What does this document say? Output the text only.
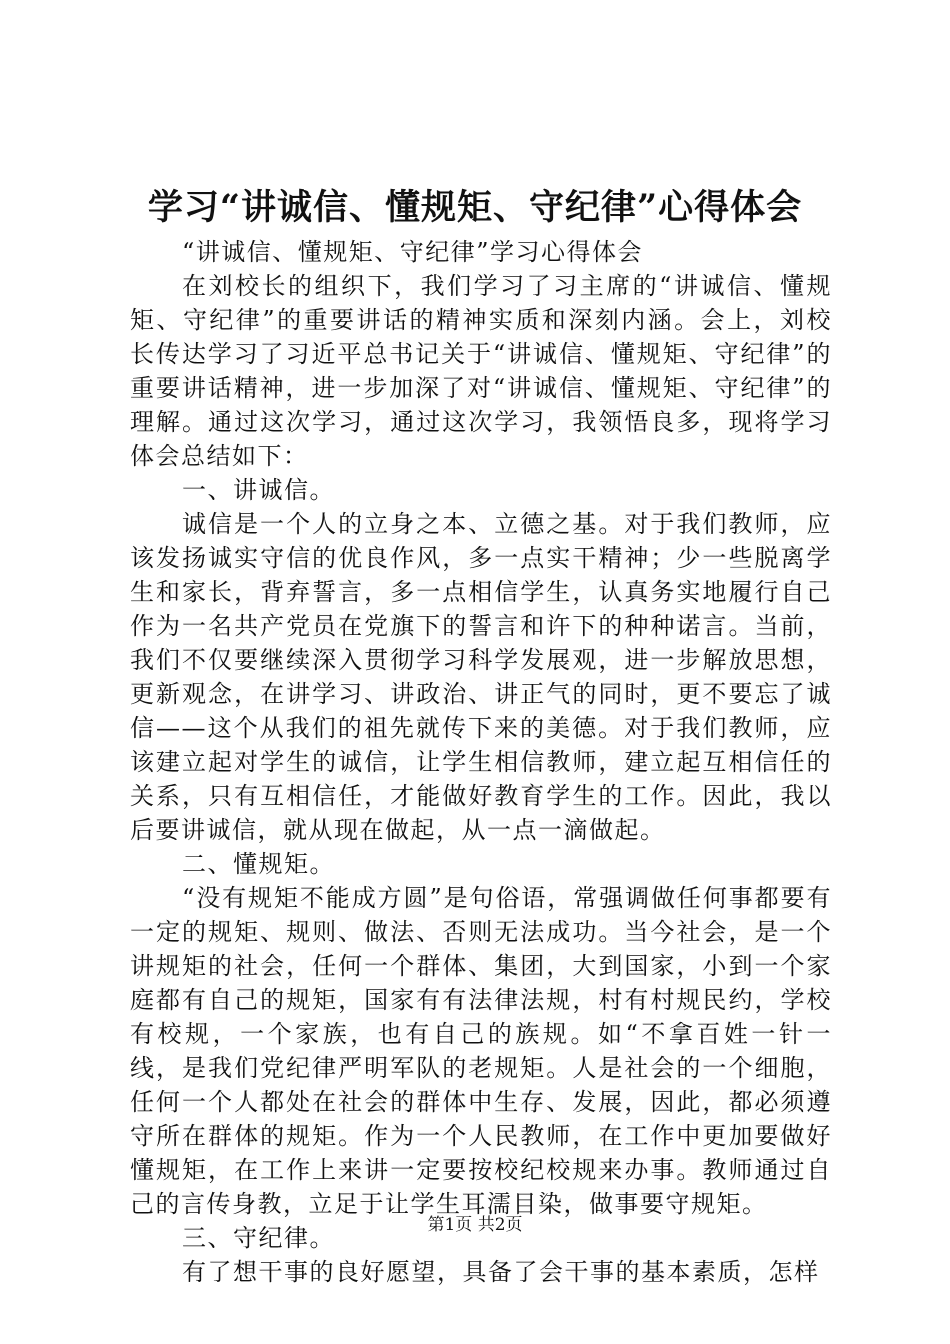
学习“讲诚信、懂规矩、守纪律”心得体会

“讲诚信、懂规矩、守纪律”学习心得体会

在刘校长的组织下，我们学习了习主席的“讲诚信、懂规矩、守纪律”的重要讲话的精神实质和深刻内涵。会上，刘校长传达学习了习近平总书记关于“讲诚信、懂规矩、守纪律”的重要讲话精神，进一步加深了对“讲诚信、懂规矩、守纪律”的理解。通过这次学习，通过这次学习，我领悟良多，现将学习体会总结如下：

一、讲诚信。

诚信是一个人的立身之本、立德之基。对于我们教师，应该发扬诚实守信的优良作风，多一点实干精神；少一些脱离学生和家长，背弃誓言，多一点相信学生，认真务实地履行自己作为一名共产党员在党旗下的誓言和许下的种种诺言。当前，我们不仅要继续深入贯彻学习科学发展观，进一步解放思想，更新观念，在讲学习、讲政治、讲正气的同时，更不要忘了诚信——这个从我们的祖先就传下来的美德。对于我们教师，应该建立起对学生的诚信，让学生相信教师，建立起互相信任的关系，只有互相信任，才能做好教育学生的工作。因此，我以后要讲诚信，就从现在做起，从一点一滴做起。

二、懂规矩。

“没有规矩不能成方圆”是句俗语，常强调做任何事都要有一定的规矩、规则、做法、否则无法成功。当今社会，是一个讲规矩的社会，任何一个群体、集团，大到国家，小到一个家庭都有自己的规矩，国家有有法律法规，村有村规民约，学校有校规，一个家族，也有自己的族规。如“不拿百姓一针一线，是我们党纪律严明军队的老规矩。人是社会的一个细胞，任何一个人都处在社会的群体中生存、发展，因此，都必须遵守所在群体的规矩。作为一个人民教师，在工作中更加要做好懂规矩，在工作上来讲一定要按校纪校规来办事。教师通过自己的言传身教，立足于让学生耳濡目染，做事要守规矩。

三、守纪律。

有了想干事的良好愿望，具备了会干事的基本素质，怎样

第1页 共2页
